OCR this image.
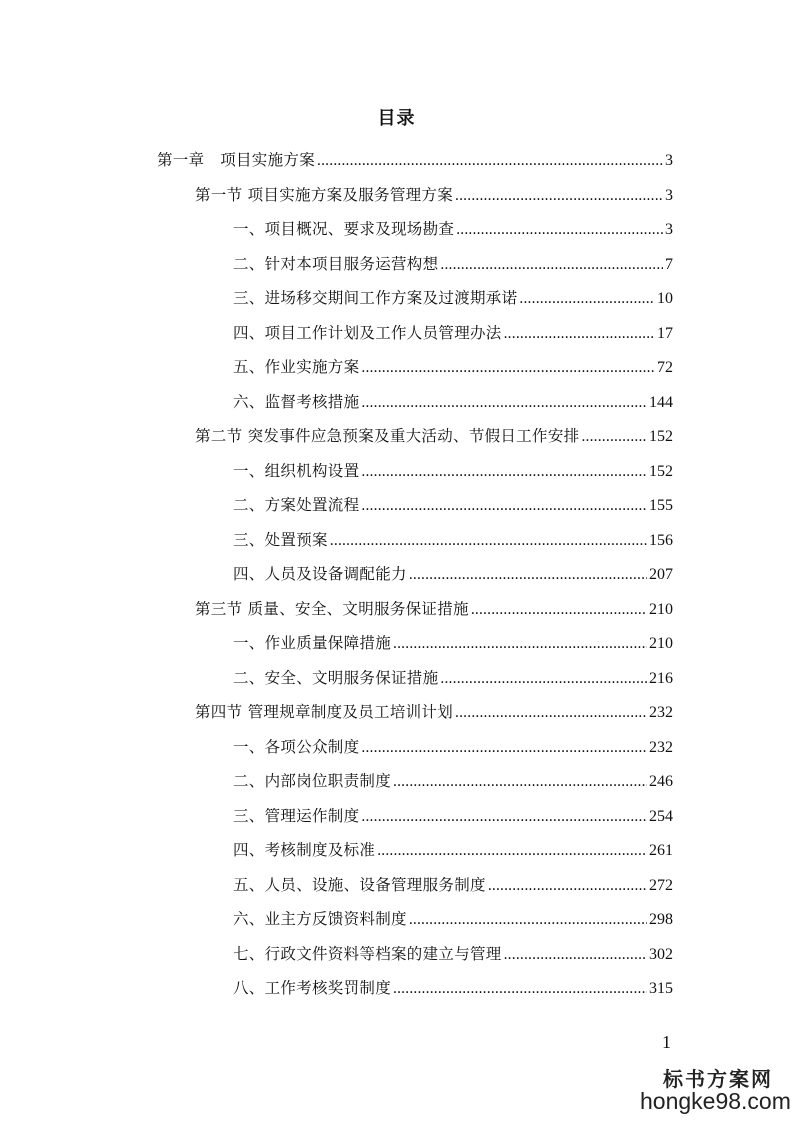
目录
第一章　项目实施方案 .....	3
第一节 项目实施方案及服务管理方案 .....	3
一、项目概况、要求及现场勘查 .....	3
二、针对本项目服务运营构想 .....	7
三、进场移交期间工作方案及过渡期承诺 .....	10
四、项目工作计划及工作人员管理办法 .....	17
五、作业实施方案 .....	72
六、监督考核措施 .....	144
第二节 突发事件应急预案及重大活动、节假日工作安排 .....	152
一、组织机构设置 .....	152
二、方案处置流程 .....	155
三、处置预案 .....	156
四、人员及设备调配能力 .....	207
第三节 质量、安全、文明服务保证措施 .....	210
一、作业质量保障措施 .....	210
二、安全、文明服务保证措施 .....	216
第四节 管理规章制度及员工培训计划 .....	232
一、各项公众制度 .....	232
二、内部岗位职责制度 .....	246
三、管理运作制度 .....	254
四、考核制度及标准 .....	261
五、人员、设施、设备管理服务制度 .....	272
六、业主方反馈资料制度 .....	298
七、行政文件资料等档案的建立与管理 .....	302
八、工作考核奖罚制度 .....	315
1
标书方案网
hongke98.com
